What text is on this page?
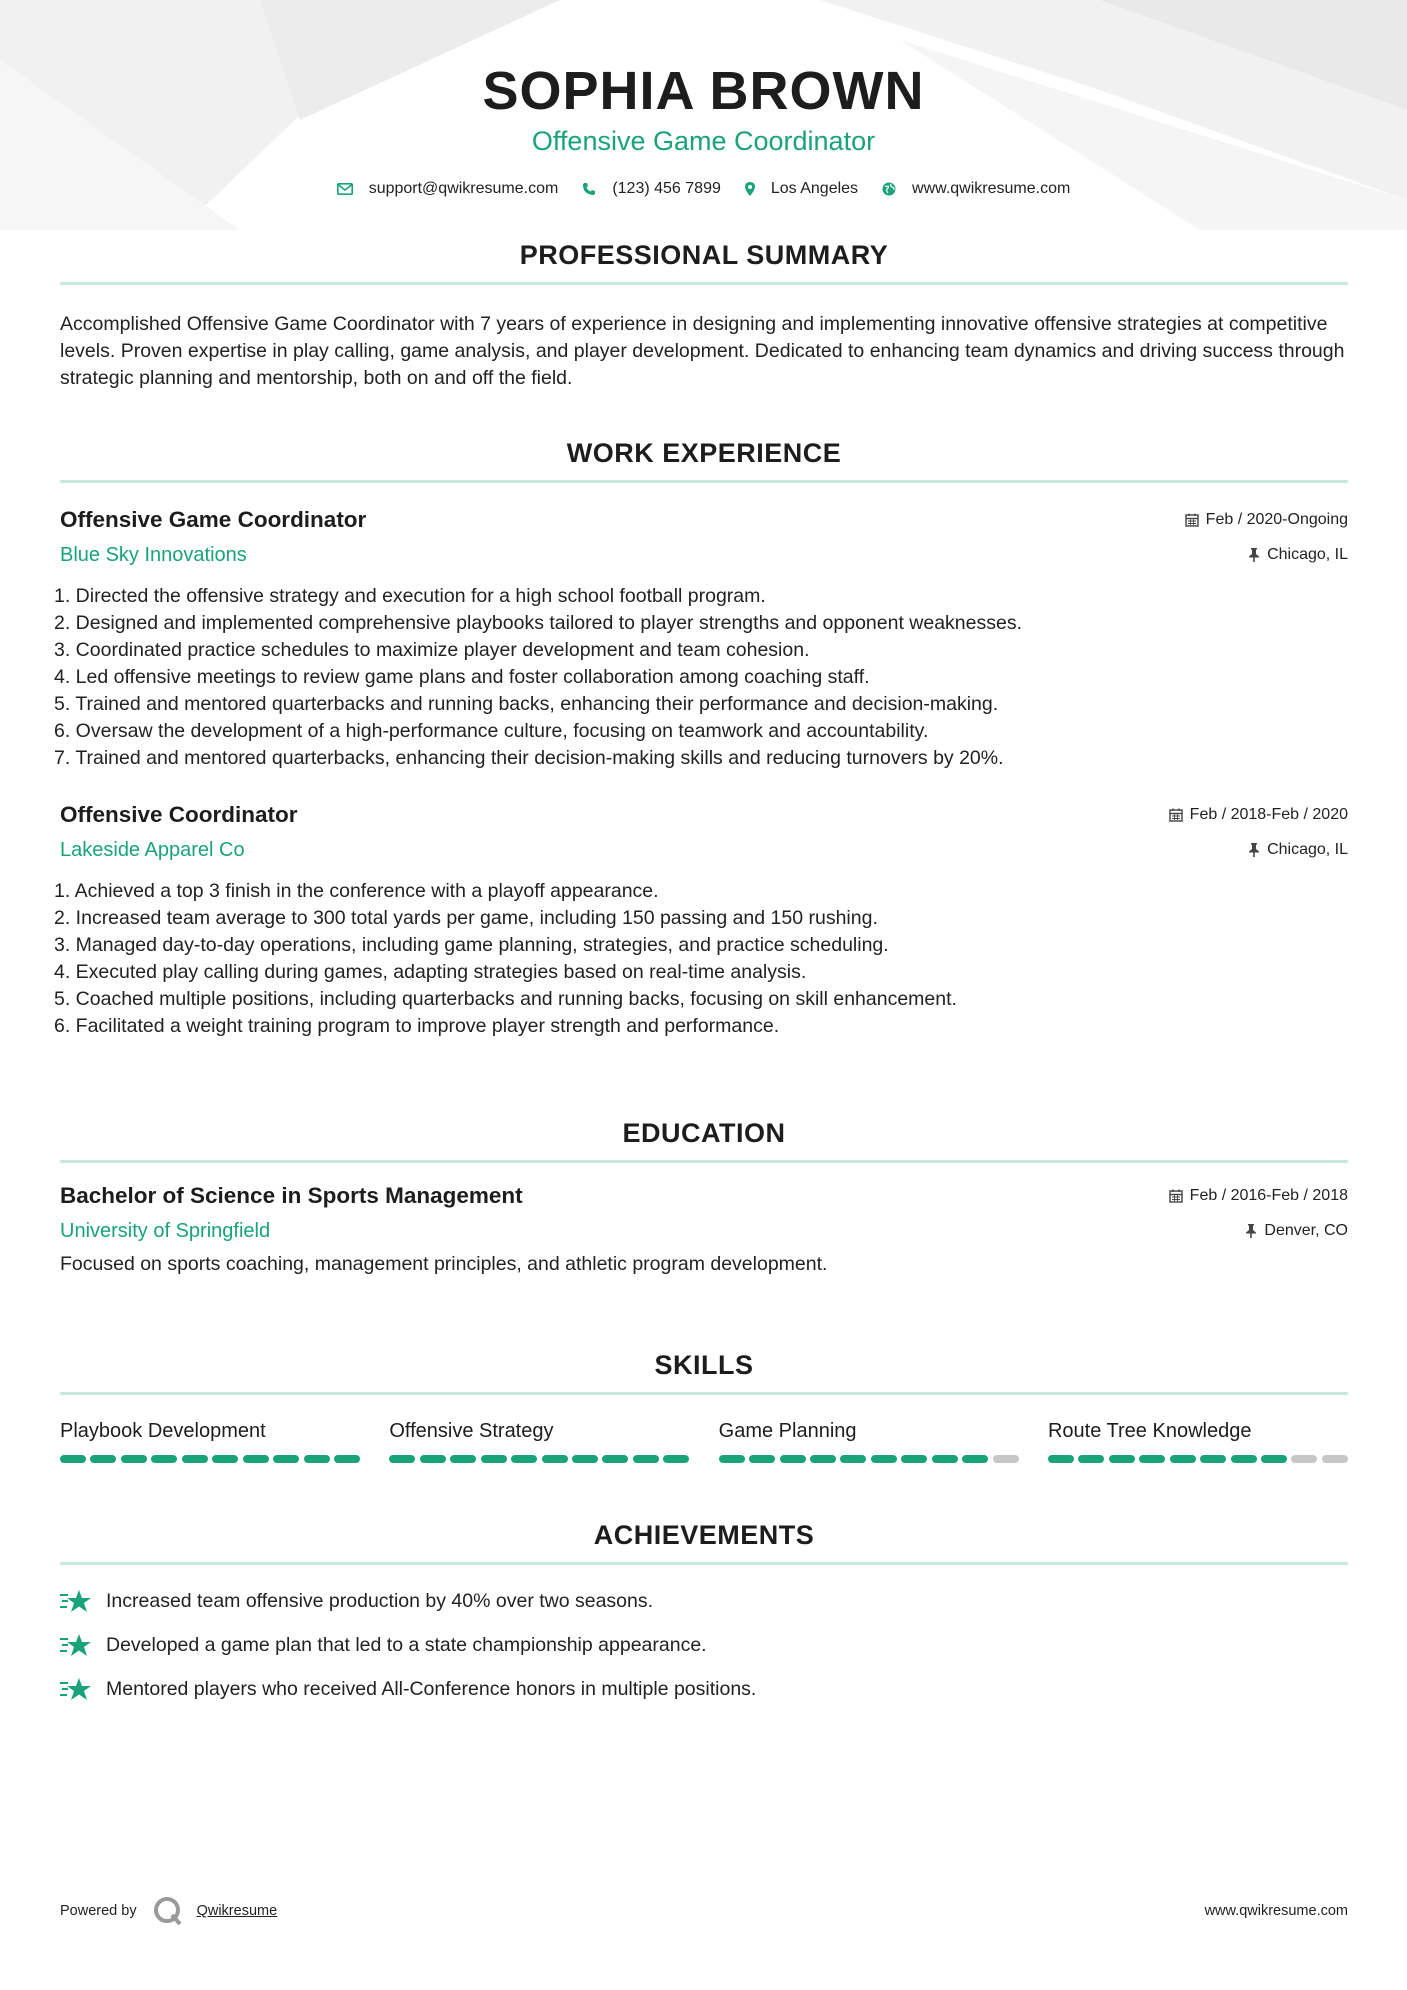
SOPHIA BROWN
Offensive Game Coordinator
support@qwikresume.com	(123) 456 7899	Los Angeles	www.qwikresume.com
PROFESSIONAL SUMMARY
Accomplished Offensive Game Coordinator with 7 years of experience in designing and implementing innovative offensive strategies at competitive levels. Proven expertise in play calling, game analysis, and player development. Dedicated to enhancing team dynamics and driving success through strategic planning and mentorship, both on and off the field.
WORK EXPERIENCE
Offensive Game Coordinator	Feb / 2020-Ongoing
Blue Sky Innovations	Chicago, IL
1. Directed the offensive strategy and execution for a high school football program.
2. Designed and implemented comprehensive playbooks tailored to player strengths and opponent weaknesses.
3. Coordinated practice schedules to maximize player development and team cohesion.
4. Led offensive meetings to review game plans and foster collaboration among coaching staff.
5. Trained and mentored quarterbacks and running backs, enhancing their performance and decision-making.
6. Oversaw the development of a high-performance culture, focusing on teamwork and accountability.
7. Trained and mentored quarterbacks, enhancing their decision-making skills and reducing turnovers by 20%.
Offensive Coordinator	Feb / 2018-Feb / 2020
Lakeside Apparel Co	Chicago, IL
1. Achieved a top 3 finish in the conference with a playoff appearance.
2. Increased team average to 300 total yards per game, including 150 passing and 150 rushing.
3. Managed day-to-day operations, including game planning, strategies, and practice scheduling.
4. Executed play calling during games, adapting strategies based on real-time analysis.
5. Coached multiple positions, including quarterbacks and running backs, focusing on skill enhancement.
6. Facilitated a weight training program to improve player strength and performance.
EDUCATION
Bachelor of Science in Sports Management	Feb / 2016-Feb / 2018
University of Springfield	Denver, CO
Focused on sports coaching, management principles, and athletic program development.
SKILLS
Playbook Development	Offensive Strategy	Game Planning	Route Tree Knowledge
ACHIEVEMENTS
Increased team offensive production by 40% over two seasons.
Developed a game plan that led to a state championship appearance.
Mentored players who received All-Conference honors in multiple positions.
Powered by	Qwikresume	www.qwikresume.com
